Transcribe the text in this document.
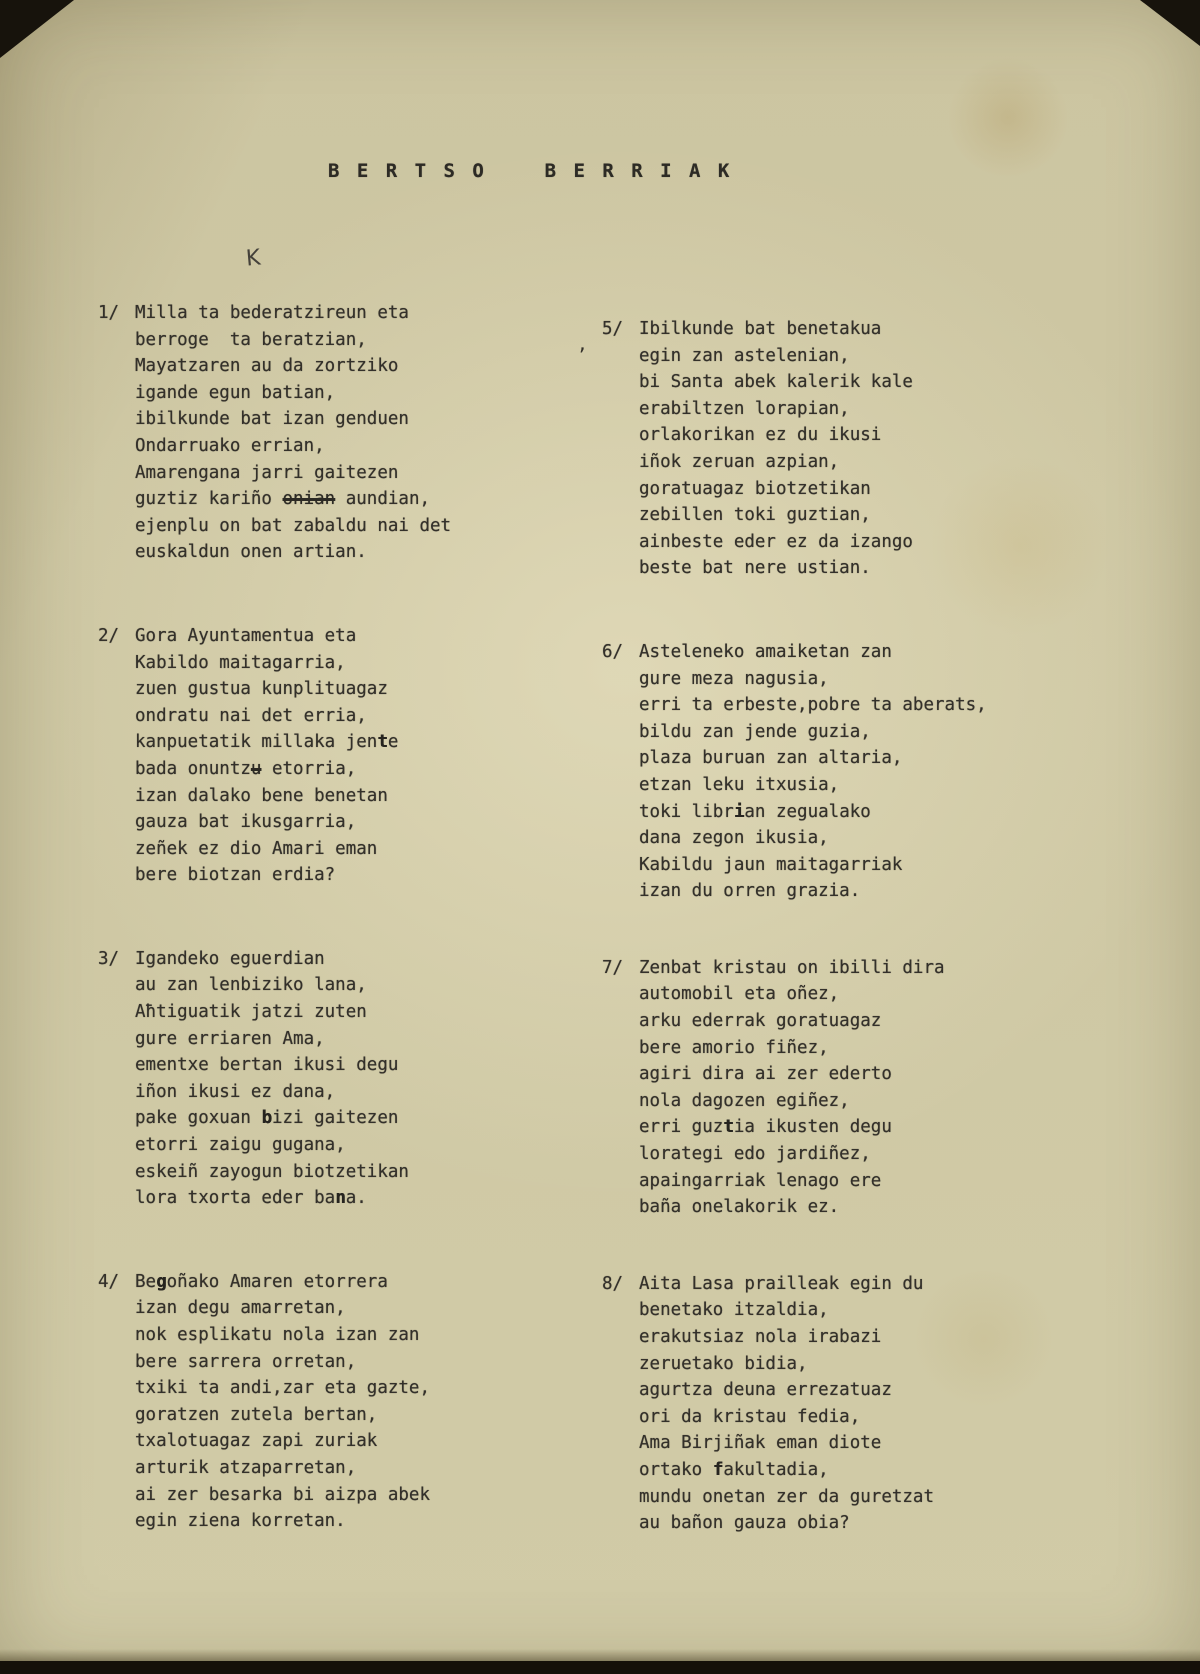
B E R T S O    B E R R I A K
K
,
1/ Milla ta bederatzireun eta
berroge  ta beratzian,
Mayatzaren au da zortziko
igande egun batian,
ibilkunde bat izan genduen
Ondarruako errian,
Amarengana jarri gaitezen
guztiz kariño onian aundian,
ejenplu on bat zabaldu nai det
euskaldun onen artian.
2/ Gora Ayuntamentua eta
Kabildo maitagarria,
zuen gustua kunplituagaz
ondratu nai det erria,
kanpuetatik millaka jente
bada onuntzu etorria,
izan dalako bene benetan
gauza bat ikusgarria,
zeñek ez dio Amari eman
bere biotzan erdia?
3/ Igandeko eguerdian
au zan lenbiziko lana,
Aħtiguatik jatzi zuten
gure erriaren Ama,
ementxe bertan ikusi degu
iñon ikusi ez dana,
pake goxuan bizi gaitezen
etorri zaigu gugana,
eskeiñ zayogun biotzetikan
lora txorta eder bana.
4/ Begoñako Amaren etorrera
izan degu amarretan,
nok esplikatu nola izan zan
bere sarrera orretan,
txiki ta andi,zar eta gazte,
goratzen zutela bertan,
txalotuagaz zapi zuriak
arturik atzaparretan,
ai zer besarka bi aizpa abek
egin ziena korretan.
5/ Ibilkunde bat benetakua
egin zan astelenian,
bi Santa abek kalerik kale
erabiltzen lorapian,
orlakorikan ez du ikusi
iñok zeruan azpian,
goratuagaz biotzetikan
zebillen toki guztian,
ainbeste eder ez da izango
beste bat nere ustian.
6/ Asteleneko amaiketan zan
gure meza nagusia,
erri ta erbeste,pobre ta aberats,
bildu zan jende guzia,
plaza buruan zan altaria,
etzan leku itxusia,
toki librian zegualako
dana zegon ikusia,
Kabildu jaun maitagarriak
izan du orren grazia.
7/ Zenbat kristau on ibilli dira
automobil eta oñez,
arku ederrak goratuagaz
bere amorio fiñez,
agiri dira ai zer ederto
nola dagozen egiñez,
erri guztia ikusten degu
lorategi edo jardiñez,
apaingarriak lenago ere
baña onelakorik ez.
8/ Aita Lasa prailleak egin du
benetako itzaldia,
erakutsiaz nola irabazi
zeruetako bidia,
agurtza deuna errezatuaz
ori da kristau fedia,
Ama Birjiñak eman diote
ortako fakultadia,
mundu onetan zer da guretzat
au bañon gauza obia?
